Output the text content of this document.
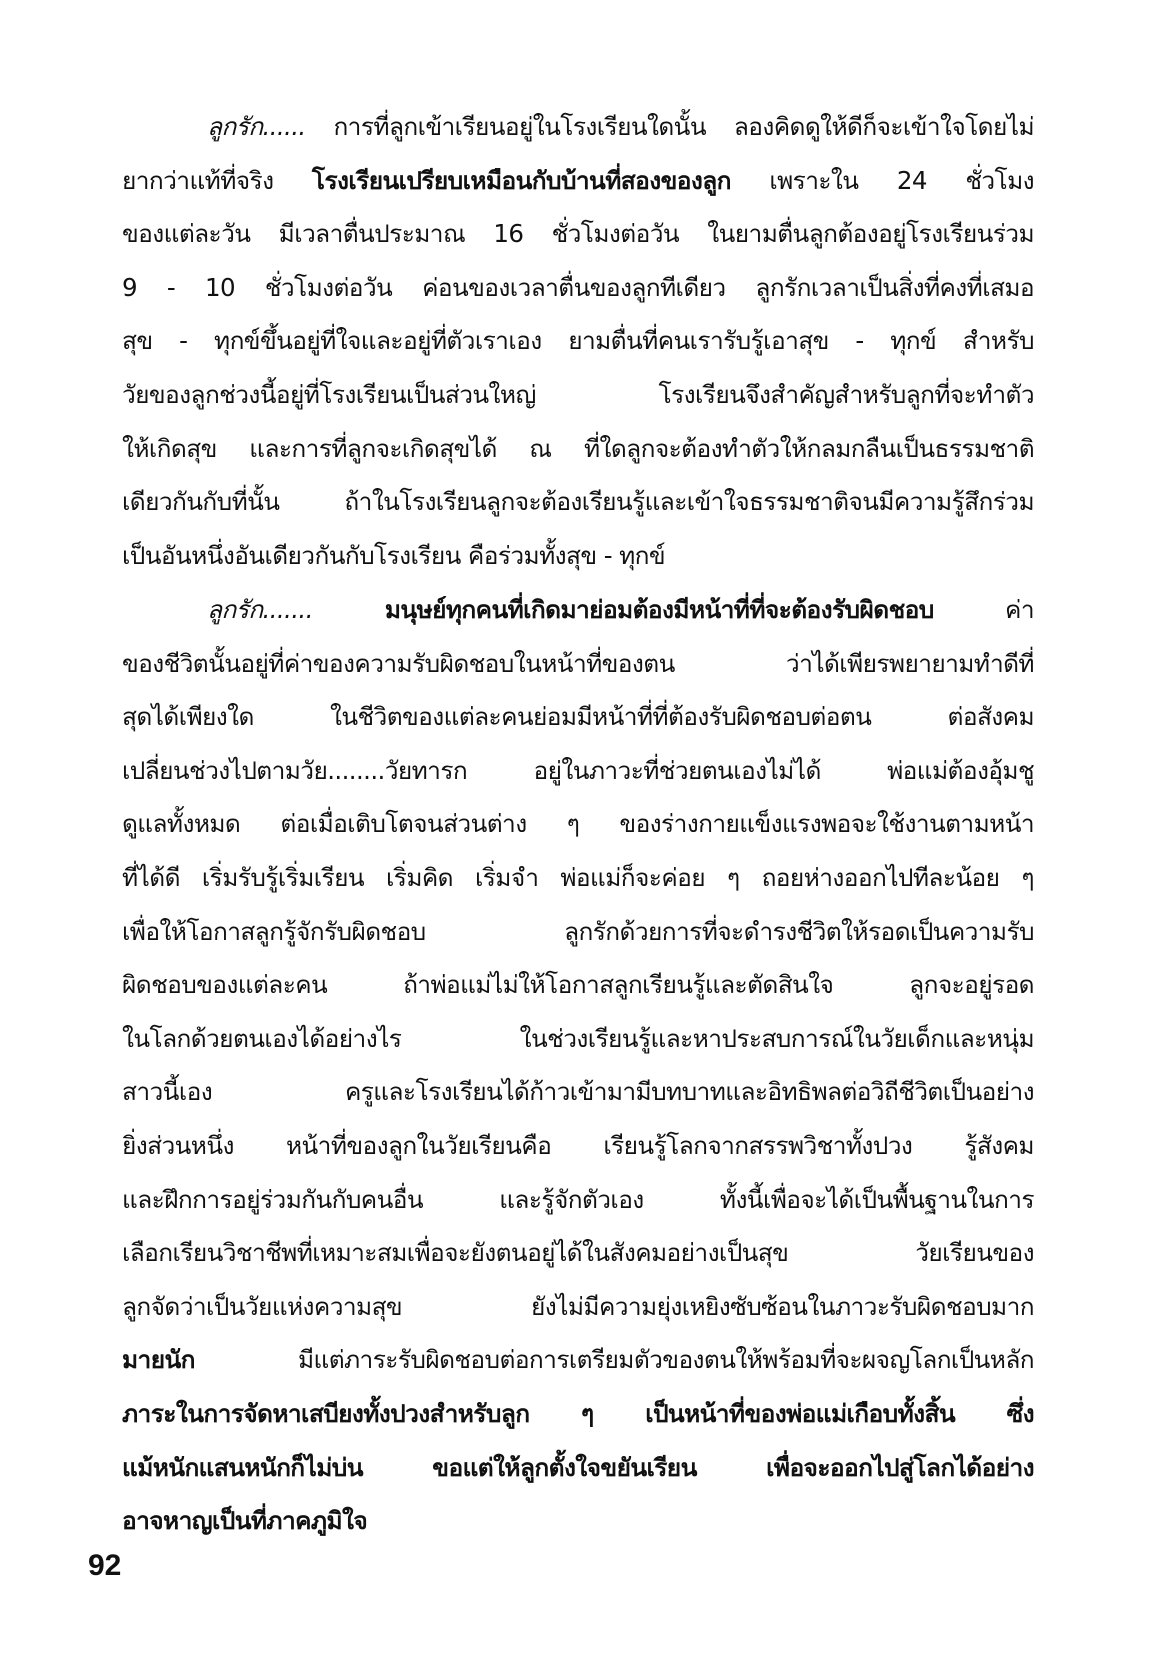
ลูกรัก...... การที่ลูกเข้าเรียนอยู่ในโรงเรียนใดนั้น ลองคิดดูให้ดีก็จะเข้าใจโดยไม่
ยากว่าแท้ที่จริง โรงเรียนเปรียบเหมือนกับบ้านที่สองของลูก เพราะใน 24 ชั่วโมง
ของแต่ละวัน มีเวลาตื่นประมาณ 16 ชั่วโมงต่อวัน ในยามตื่นลูกต้องอยู่โรงเรียนร่วม
9 - 10 ชั่วโมงต่อวัน ค่อนของเวลาตื่นของลูกทีเดียว ลูกรักเวลาเป็นสิ่งที่คงที่เสมอ
สุข - ทุกข์ขึ้นอยู่ที่ใจและอยู่ที่ตัวเราเอง ยามตื่นที่คนเรารับรู้เอาสุข - ทุกข์ สำหรับ
วัยของลูกช่วงนี้อยู่ที่โรงเรียนเป็นส่วนใหญ่ โรงเรียนจึงสำคัญสำหรับลูกที่จะทำตัว
ให้เกิดสุข และการที่ลูกจะเกิดสุขได้ ณ ที่ใดลูกจะต้องทำตัวให้กลมกลืนเป็นธรรมชาติ
เดียวกันกับที่นั้น ถ้าในโรงเรียนลูกจะต้องเรียนรู้และเข้าใจธรรมชาติจนมีความรู้สึกร่วม
เป็นอันหนึ่งอันเดียวกันกับโรงเรียน คือร่วมทั้งสุข - ทุกข์
ลูกรัก....... มนุษย์ทุกคนที่เกิดมาย่อมต้องมีหน้าที่ที่จะต้องรับผิดชอบ ค่า
ของชีวิตนั้นอยู่ที่ค่าของความรับผิดชอบในหน้าที่ของตน ว่าได้เพียรพยายามทำดีที่
สุดได้เพียงใด ในชีวิตของแต่ละคนย่อมมีหน้าที่ที่ต้องรับผิดชอบต่อตน ต่อสังคม
เปลี่ยนช่วงไปตามวัย........วัยทารก อยู่ในภาวะที่ช่วยตนเองไม่ได้ พ่อแม่ต้องอุ้มชู
ดูแลทั้งหมด ต่อเมื่อเติบโตจนส่วนต่าง ๆ ของร่างกายแข็งแรงพอจะใช้งานตามหน้า
ที่ได้ดี เริ่มรับรู้เริ่มเรียน เริ่มคิด เริ่มจำ พ่อแม่ก็จะค่อย ๆ ถอยห่างออกไปทีละน้อย ๆ
เพื่อให้โอกาสลูกรู้จักรับผิดชอบ ลูกรักด้วยการที่จะดำรงชีวิตให้รอดเป็นความรับ
ผิดชอบของแต่ละคน ถ้าพ่อแม่ไม่ให้โอกาสลูกเรียนรู้และตัดสินใจ ลูกจะอยู่รอด
ในโลกด้วยตนเองได้อย่างไร ในช่วงเรียนรู้และหาประสบการณ์ในวัยเด็กและหนุ่ม
สาวนี้เอง ครูและโรงเรียนได้ก้าวเข้ามามีบทบาทและอิทธิพลต่อวิถีชีวิตเป็นอย่าง
ยิ่งส่วนหนึ่ง หน้าที่ของลูกในวัยเรียนคือ เรียนรู้โลกจากสรรพวิชาทั้งปวง รู้สังคม
และฝึกการอยู่ร่วมกันกับคนอื่น และรู้จักตัวเอง ทั้งนี้เพื่อจะได้เป็นพื้นฐานในการ
เลือกเรียนวิชาชีพที่เหมาะสมเพื่อจะยังตนอยู่ได้ในสังคมอย่างเป็นสุข วัยเรียนของ
ลูกจัดว่าเป็นวัยแห่งความสุข ยังไม่มีความยุ่งเหยิงซับซ้อนในภาวะรับผิดชอบมาก
มายนัก มีแต่ภาระรับผิดชอบต่อการเตรียมตัวของตนให้พร้อมที่จะผจญโลกเป็นหลัก
ภาระในการจัดหาเสบียงทั้งปวงสำหรับลูก ๆ เป็นหน้าที่ของพ่อแม่เกือบทั้งสิ้น ซึ่ง
แม้หนักแสนหนักก็ไม่บ่น ขอแต่ให้ลูกตั้งใจขยันเรียน เพื่อจะออกไปสู่โลกได้อย่าง
อาจหาญเป็นที่ภาคภูมิใจ
92
